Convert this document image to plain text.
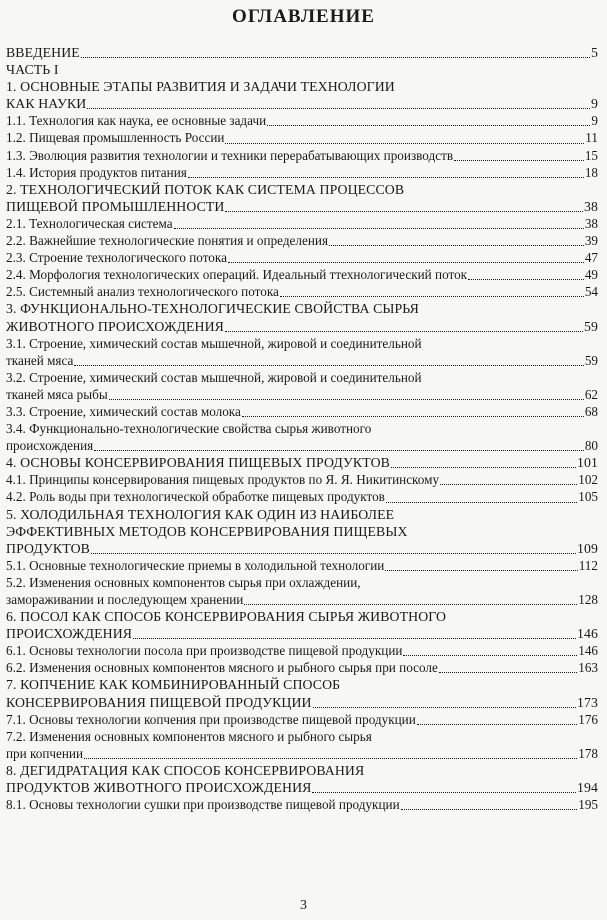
ОГЛАВЛЕНИЕ
ВВЕДЕНИЕ	5
ЧАСТЬ I
1. ОСНОВНЫЕ ЭТАПЫ РАЗВИТИЯ И ЗАДАЧИ ТЕХНОЛОГИИ
КАК НАУКИ	9
1.1. Технология как наука, ее основные задачи	9
1.2. Пищевая промышленность России	11
1.3. Эволюция развития технологии и техники перерабатывающих производств	15
1.4. История продуктов питания	18
2. ТЕХНОЛОГИЧЕСКИЙ ПОТОК КАК СИСТЕМА ПРОЦЕССОВ
ПИЩЕВОЙ ПРОМЫШЛЕННОСТИ	38
2.1. Технологическая система	38
2.2. Важнейшие технологические понятия и определения	39
2.3. Строение технологического потока	47
2.4. Морфология технологических операций. Идеальный ттехнологический поток	49
2.5. Системный анализ технологического потока	54
3. ФУНКЦИОНАЛЬНО-ТЕХНОЛОГИЧЕСКИЕ СВОЙСТВА СЫРЬЯ
ЖИВОТНОГО ПРОИСХОЖДЕНИЯ	59
3.1. Строение, химический состав мышечной, жировой и соединительной
тканей мяса	59
3.2. Строение, химический состав мышечной, жировой и соединительной
тканей мяса рыбы	62
3.3. Строение, химический состав молока	68
3.4. Функционально-технологические свойства сырья животного
происхождения	80
4. ОСНОВЫ КОНСЕРВИРОВАНИЯ ПИЩЕВЫХ ПРОДУКТОВ	101
4.1. Принципы консервирования пищевых продуктов по Я. Я. Никитинскому	102
4.2. Роль воды при технологической обработке пищевых продуктов	105
5. ХОЛОДИЛЬНАЯ ТЕХНОЛОГИЯ КАК ОДИН ИЗ НАИБОЛЕЕ
ЭФФЕКТИВНЫХ МЕТОДОВ КОНСЕРВИРОВАНИЯ ПИЩЕВЫХ
ПРОДУКТОВ	109
5.1. Основные технологические приемы в холодильной технологии	112
5.2. Изменения основных компонентов сырья при охлаждении,
замораживании и последующем хранении	128
6. ПОСОЛ КАК СПОСОБ КОНСЕРВИРОВАНИЯ СЫРЬЯ ЖИВОТНОГО
ПРОИСХОЖДЕНИЯ	146
6.1. Основы технологии посола при производстве пищевой продукции	146
6.2. Изменения основных компонентов мясного и рыбного сырья при посоле	163
7. КОПЧЕНИЕ КАК КОМБИНИРОВАННЫЙ СПОСОБ
КОНСЕРВИРОВАНИЯ ПИЩЕВОЙ ПРОДУКЦИИ	173
7.1. Основы технологии копчения при производстве пищевой продукции	176
7.2. Изменения основных компонентов мясного и рыбного сырья
при копчении	178
8. ДЕГИДРАТАЦИЯ КАК СПОСОБ КОНСЕРВИРОВАНИЯ
ПРОДУКТОВ ЖИВОТНОГО ПРОИСХОЖДЕНИЯ	194
8.1. Основы технологии сушки при производстве пищевой продукции	195
3
